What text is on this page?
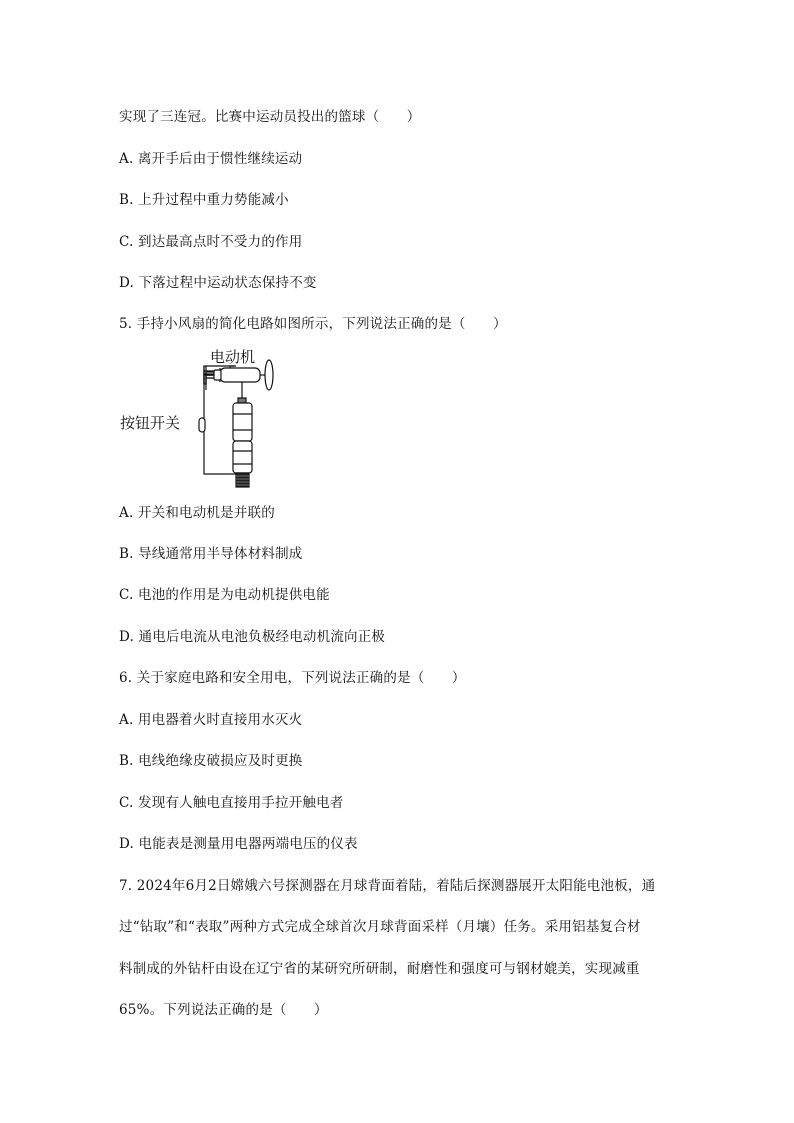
实现了三连冠。比赛中运动员投出的篮球（　　）
A. 离开手后由于惯性继续运动
B. 上升过程中重力势能减小
C. 到达最高点时不受力的作用
D. 下落过程中运动状态保持不变
5. 手持小风扇的简化电路如图所示，下列说法正确的是（　　）
电动机
按钮开关
A. 开关和电动机是并联的
B. 导线通常用半导体材料制成
C. 电池的作用是为电动机提供电能
D. 通电后电流从电池负极经电动机流向正极
6. 关于家庭电路和安全用电，下列说法正确的是（　　）
A. 用电器着火时直接用水灭火
B. 电线绝缘皮破损应及时更换
C. 发现有人触电直接用手拉开触电者
D. 电能表是测量用电器两端电压的仪表
7. 2024年6月2日嫦娥六号探测器在月球背面着陆，着陆后探测器展开太阳能电池板，通
过“钻取”和“表取”两种方式完成全球首次月球背面采样（月壤）任务。采用铝基复合材
料制成的外钻杆由设在辽宁省的某研究所研制，耐磨性和强度可与钢材媲美，实现减重
65%。下列说法正确的是（　　）
